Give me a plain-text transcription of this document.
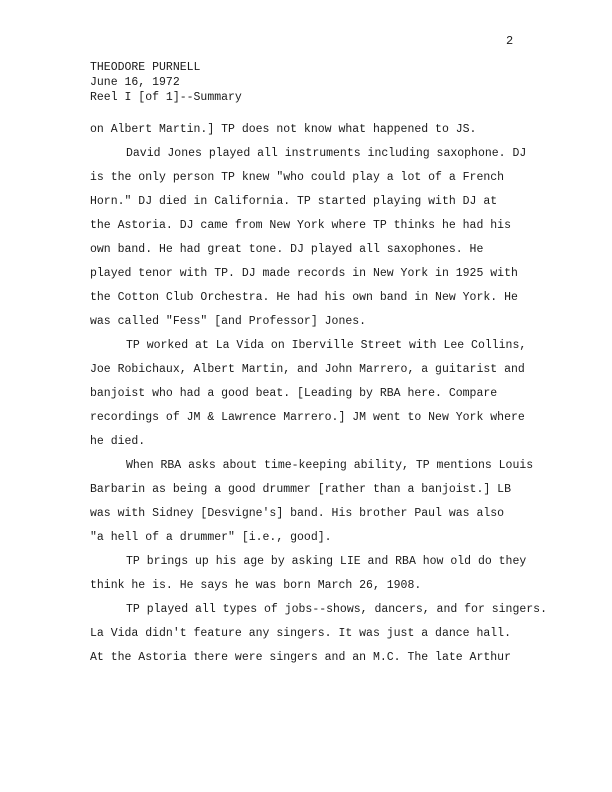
2
THEODORE PURNELL
June 16, 1972
Reel I [of 1]--Summary
on Albert Martin.] TP does not know what happened to JS.
David Jones played all instruments including saxophone. DJ
is the only person TP knew "who could play a lot of a French
Horn." DJ died in California. TP started playing with DJ at
the Astoria. DJ came from New York where TP thinks he had his
own band. He had great tone. DJ played all saxophones. He
played tenor with TP. DJ made records in New York in 1925 with
the Cotton Club Orchestra. He had his own band in New York. He
was called "Fess" [and Professor] Jones.
TP worked at La Vida on Iberville Street with Lee Collins,
Joe Robichaux, Albert Martin, and John Marrero, a guitarist and
banjoist who had a good beat. [Leading by RBA here. Compare
recordings of JM & Lawrence Marrero.] JM went to New York where
he died.
When RBA asks about time-keeping ability, TP mentions Louis
Barbarin as being a good drummer [rather than a banjoist.] LB
was with Sidney [Desvigne's] band. His brother Paul was also
"a hell of a drummer" [i.e., good].
TP brings up his age by asking LIE and RBA how old do they
think he is. He says he was born March 26, 1908.
TP played all types of jobs--shows, dancers, and for singers.
La Vida didn't feature any singers. It was just a dance hall.
At the Astoria there were singers and an M.C. The late Arthur
